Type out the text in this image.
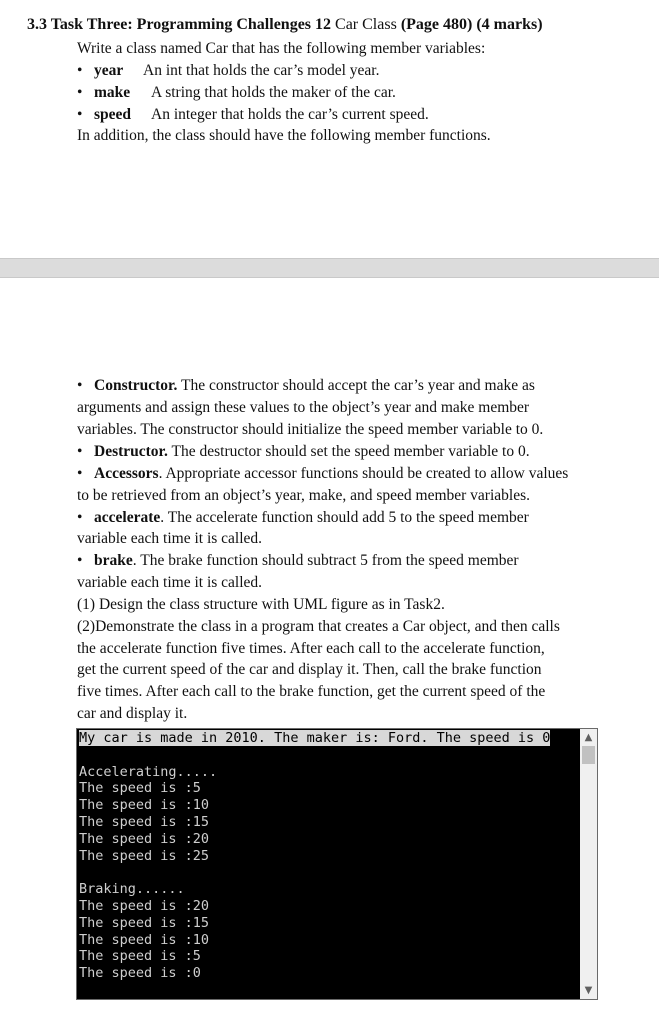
3.3 Task Three: Programming Challenges 12 Car Class (Page 480) (4 marks)
Write a class named Car that has the following member variables:
• year An int that holds the car’s model year.
• make A string that holds the maker of the car.
• speed An integer that holds the car’s current speed.
In addition, the class should have the following member functions.
• Constructor. The constructor should accept the car’s year and make as
arguments and assign these values to the object’s year and make member
variables. The constructor should initialize the speed member variable to 0.
• Destructor. The destructor should set the speed member variable to 0.
• Accessors. Appropriate accessor functions should be created to allow values
to be retrieved from an object’s year, make, and speed member variables.
• accelerate. The accelerate function should add 5 to the speed member
variable each time it is called.
• brake. The brake function should subtract 5 from the speed member
variable each time it is called.
(1) Design the class structure with UML figure as in Task2.
(2)Demonstrate the class in a program that creates a Car object, and then calls
the accelerate function five times. After each call to the accelerate function,
get the current speed of the car and display it. Then, call the brake function
five times. After each call to the brake function, get the current speed of the
car and display it.
My car is made in 2010. The maker is: Ford. The speed is 0

Accelerating.....
The speed is :5
The speed is :10
The speed is :15
The speed is :20
The speed is :25

Braking......
The speed is :20
The speed is :15
The speed is :10
The speed is :5
The speed is :0
▲
▼
